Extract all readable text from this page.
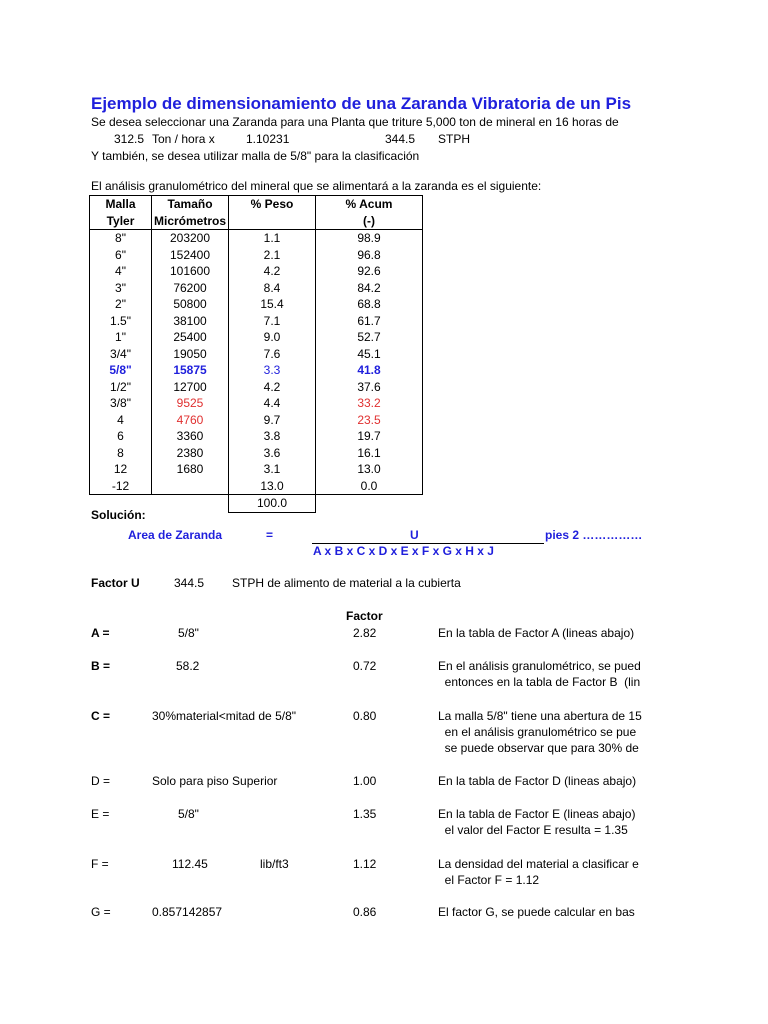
Ejemplo de dimensionamiento de una Zaranda Vibratoria de un Pis
Se desea seleccionar una Zaranda para una Planta que triture 5,000 ton de mineral en 16 horas de
312.5 Ton / hora x	1.10231	344.5 STPH
Y también, se desea utilizar malla de 5/8" para la clasificación
El análisis granulométrico del mineral que se alimentará a la zaranda es el siguiente:
Malla	Tamaño	% Peso	% Acum
Tyler	Micrómetros		(-)
8"	203200	1.1	98.9
6"	152400	2.1	96.8
4"	101600	4.2	92.6
3"	76200	8.4	84.2
2"	50800	15.4	68.8
1.5"	38100	7.1	61.7
1"	25400	9.0	52.7
3/4"	19050	7.6	45.1
5/8"	15875	3.3	41.8
1/2"	12700	4.2	37.6
3/8"	9525	4.4	33.2
4	4760	9.7	23.5
6	3360	3.8	19.7
8	2380	3.6	16.1
12	1680	3.1	13.0
-12		13.0	0.0
		100.0	
Solución:
Area de Zaranda	=	U
A x B x C x D x E x F x G x H x J
pies 2 ……………
Factor U	344.5 STPH de alimento de material a la cubierta
Factor
A =	5/8"	2.82	En la tabla de Factor A (lineas abajo)
B =	58.2	0.72	En el análisis granulométrico, se pued
entonces en la tabla de Factor B  (lin
C =	30%material<mitad de 5/8"	0.80	La malla 5/8" tiene una abertura de 15
en el análisis granulométrico se pue
se puede observar que para 30% de
D =	Solo para piso Superior	1.00	En la tabla de Factor D (lineas abajo)
E =	5/8"	1.35	En la tabla de Factor E (lineas abajo)
el valor del Factor E resulta = 1.35
F =	112.45	lib/ft3	1.12	La densidad del material a clasificar e
el Factor F = 1.12
G =	0.857142857	0.86	El factor G, se puede calcular en bas
